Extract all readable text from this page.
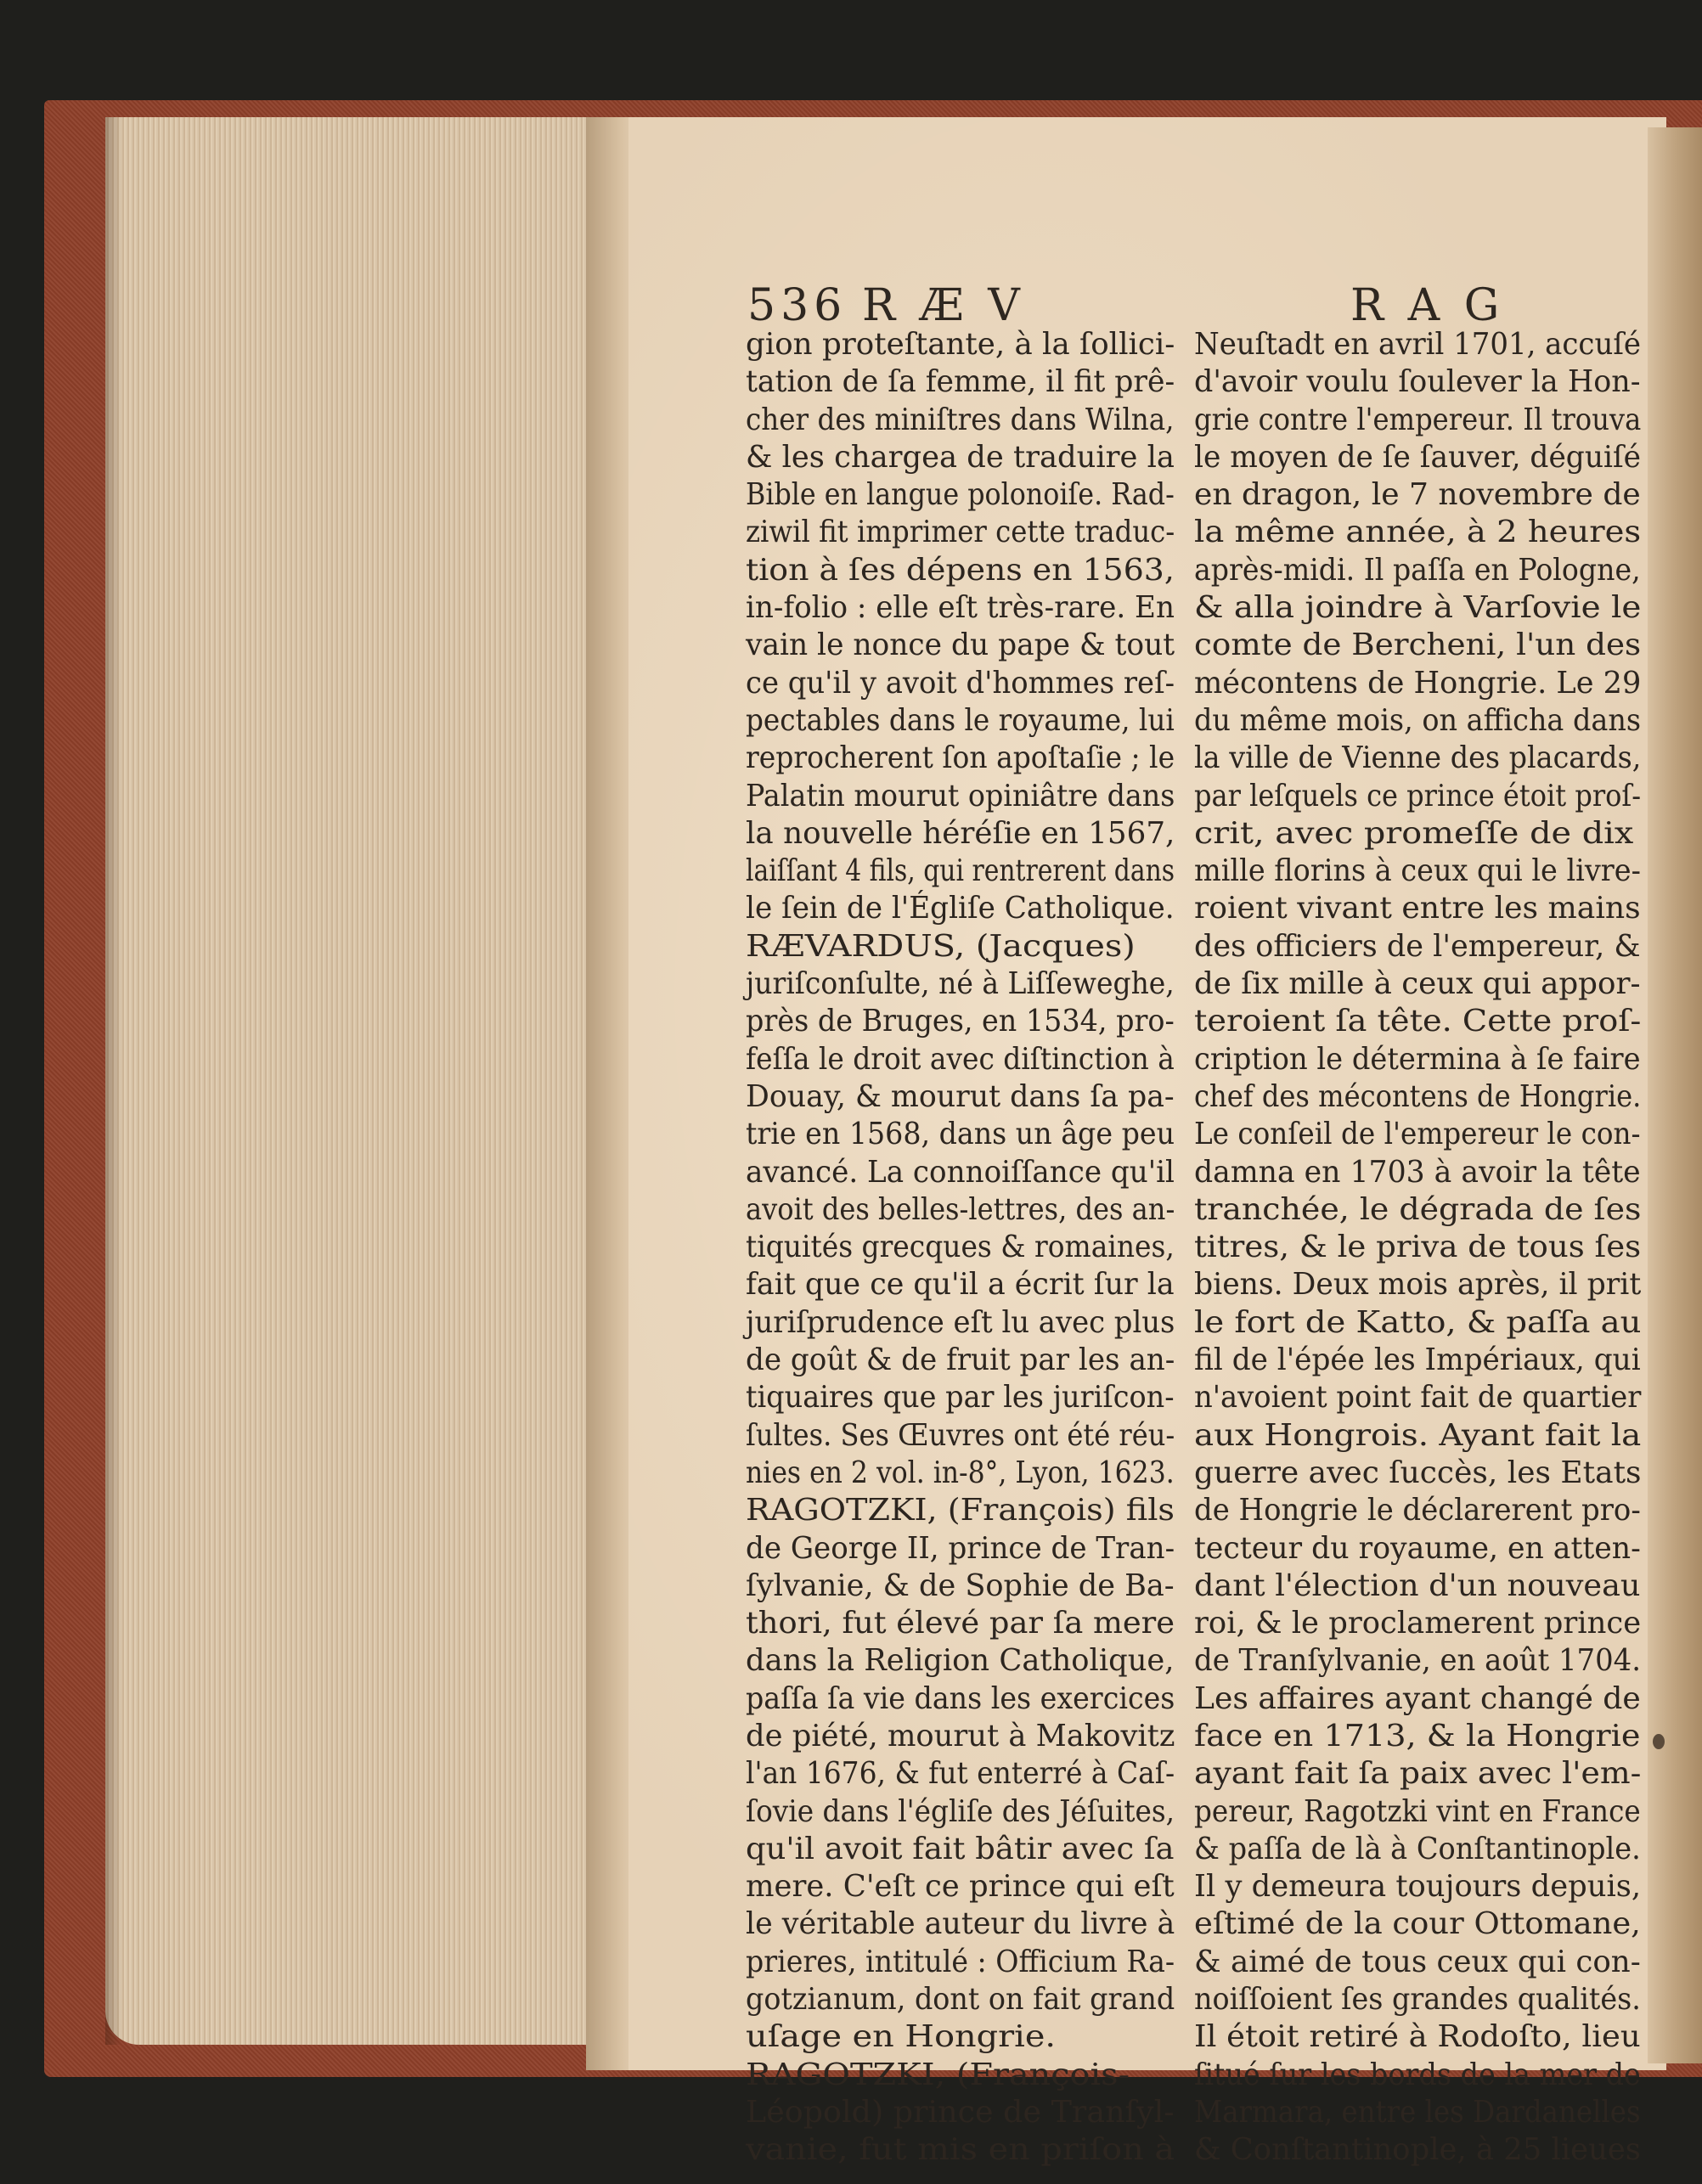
536 R Æ V	R A G
gion proteſtante, à la ſollici-
tation de ſa femme, il fit prê-
cher des miniſtres dans Wilna,
& les chargea de traduire la
Bible en langue polonoiſe. Rad-
ziwil fit imprimer cette traduc-
tion à ſes dépens en 1563,
in-folio : elle eſt très-rare. En
vain le nonce du pape & tout
ce qu'il y avoit d'hommes reſ-
pectables dans le royaume, lui
reprocherent ſon apoſtaſie ; le
Palatin mourut opiniâtre dans
la nouvelle héréſie en 1567,
laiſſant 4 fils, qui rentrerent dans
le ſein de l'Égliſe Catholique.
RÆVARDUS, (Jacques)
juriſconſulte, né à Liſſeweghe,
près de Bruges, en 1534, pro-
feſſa le droit avec diſtinction à
Douay, & mourut dans ſa pa-
trie en 1568, dans un âge peu
avancé. La connoiſſance qu'il
avoit des belles-lettres, des an-
tiquités grecques & romaines,
fait que ce qu'il a écrit ſur la
juriſprudence eſt lu avec plus
de goût & de fruit par les an-
tiquaires que par les juriſcon-
ſultes. Ses Œuvres ont été réu-
nies en 2 vol. in-8°, Lyon, 1623.
RAGOTZKI, (François) fils
de George II, prince de Tran-
ſylvanie, & de Sophie de Ba-
thori, fut élevé par ſa mere
dans la Religion Catholique,
paſſa ſa vie dans les exercices
de piété, mourut à Makovitz
l'an 1676, & fut enterré à Caſ-
ſovie dans l'égliſe des Jéſuites,
qu'il avoit fait bâtir avec ſa
mere. C'eſt ce prince qui eſt
le véritable auteur du livre à
prieres, intitulé : Officium Ra-
gotzianum, dont on fait grand
uſage en Hongrie.
RAGOTZKI, (François-
Léopold) prince de Tranſyl-
vanie, fut mis en priſon à
Neuſtadt en avril 1701, accuſé
d'avoir voulu ſoulever la Hon-
grie contre l'empereur. Il trouva
le moyen de ſe ſauver, déguiſé
en dragon, le 7 novembre de
la même année, à 2 heures
après-midi. Il paſſa en Pologne,
& alla joindre à Varſovie le
comte de Bercheni, l'un des
mécontens de Hongrie. Le 29
du même mois, on afficha dans
la ville de Vienne des placards,
par leſquels ce prince étoit proſ-
crit, avec promeſſe de dix
mille florins à ceux qui le livre-
roient vivant entre les mains
des officiers de l'empereur, &
de ſix mille à ceux qui appor-
teroient ſa tête. Cette proſ-
cription le détermina à ſe faire
chef des mécontens de Hongrie.
Le conſeil de l'empereur le con-
damna en 1703 à avoir la tête
tranchée, le dégrada de ſes
titres, & le priva de tous ſes
biens. Deux mois après, il prit
le fort de Katto, & paſſa au
fil de l'épée les Impériaux, qui
n'avoient point fait de quartier
aux Hongrois. Ayant fait la
guerre avec ſuccès, les Etats
de Hongrie le déclarerent pro-
tecteur du royaume, en atten-
dant l'élection d'un nouveau
roi, & le proclamerent prince
de Tranſylvanie, en août 1704.
Les affaires ayant changé de
face en 1713, & la Hongrie
ayant fait ſa paix avec l'em-
pereur, Ragotzki vint en France
& paſſa de là à Conſtantinople.
Il y demeura toujours depuis,
eſtimé de la cour Ottomane,
& aimé de tous ceux qui con-
noiſſoient ſes grandes qualités.
Il étoit retiré à Rodoſto, lieu
ſitué ſur les bords de la mer de
Marmara, entre les Dardanelles
& Conſtantinople, à 25 lieues
